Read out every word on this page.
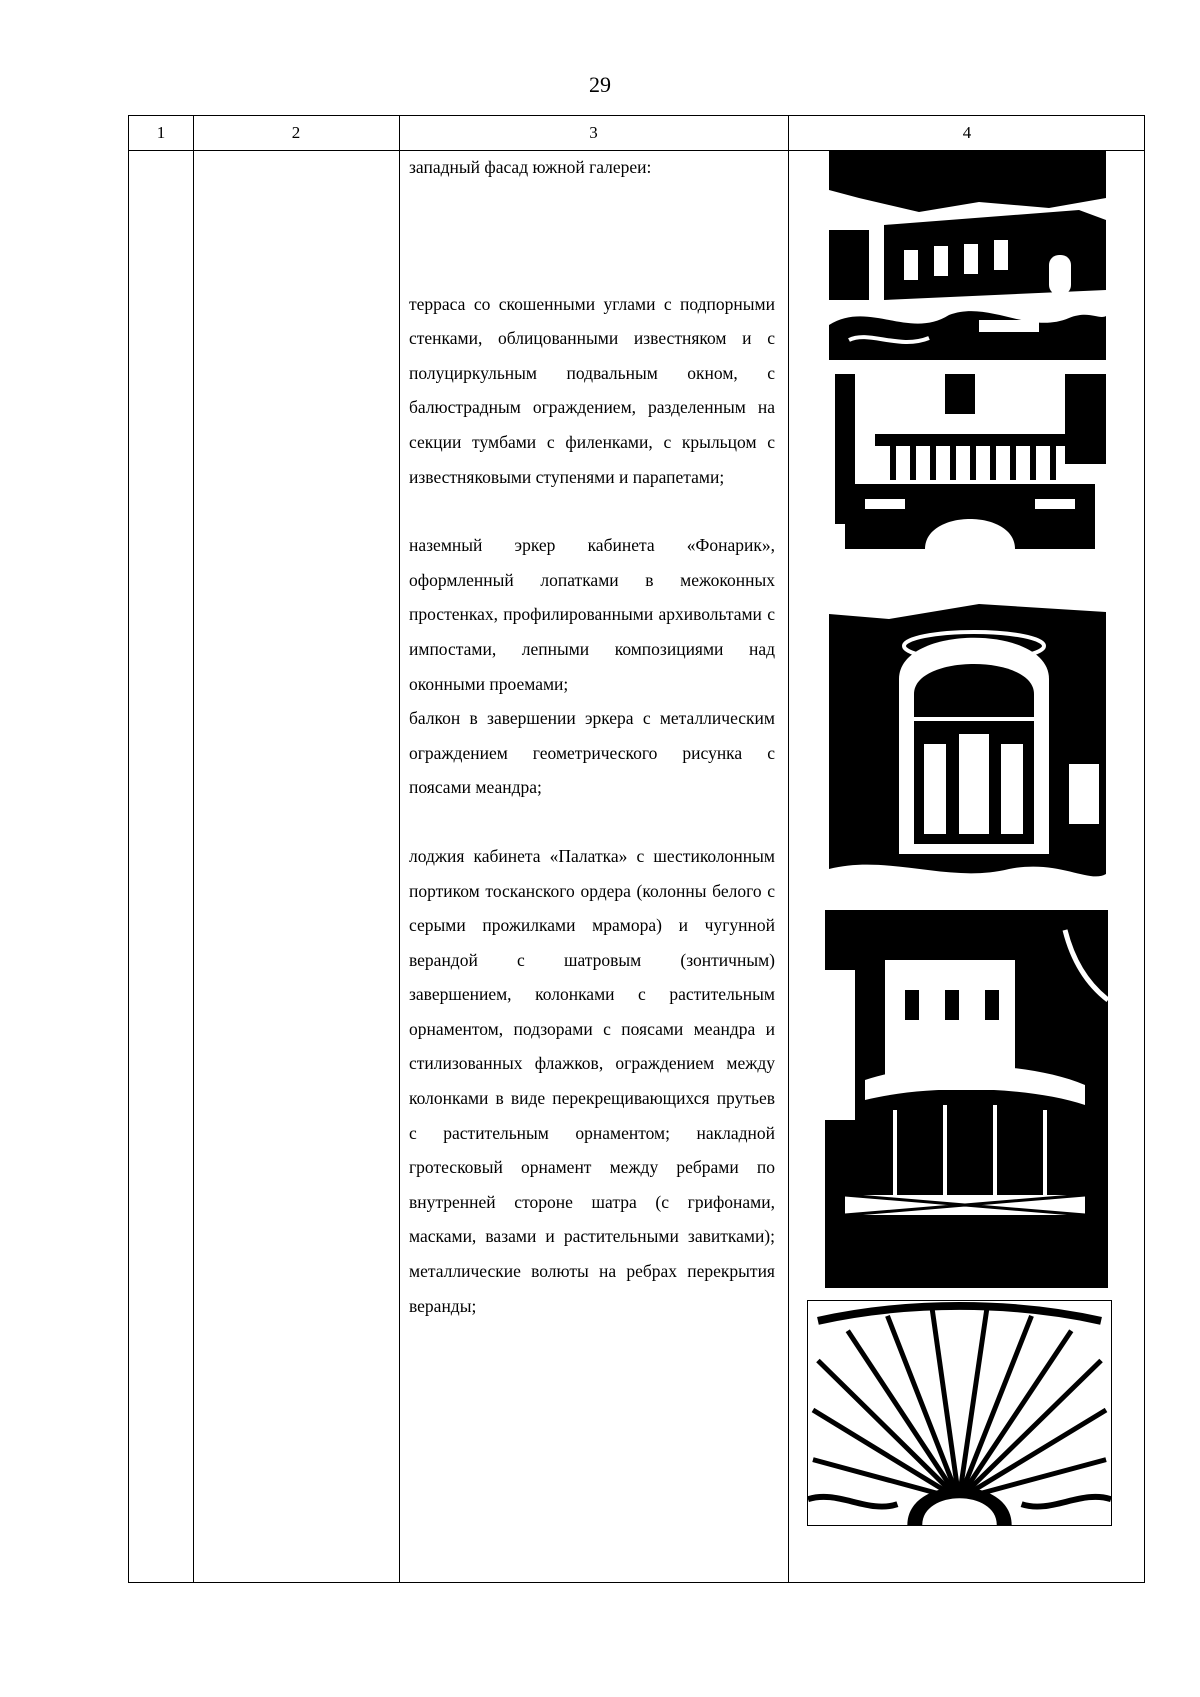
29
1	2	3	4

западный фасад южной галереи:

терраса со скошенными углами с подпорными стенками, облицованными известняком и с полуциркульным подвальным окном, с балюстрадным ограждением, разделенным на секции тумбами с филенками, с крыльцом с известняковыми ступенями и парапетами;

наземный эркер кабинета «Фонарик», оформленный лопатками в межоконных простенках, профилированными архивольтами с импостами, лепными композициями над оконными проемами;

балкон в завершении эркера с металлическим ограждением геометрического рисунка с поясами меандра;

лоджия кабинета «Палатка» с шестиколонным портиком тосканского ордера (колонны белого с серыми прожилками мрамора) и чугунной верандой с шатровым (зонтичным) завершением, колонками с растительным орнаментом, подзорами с поясами меандра и стилизованных флажков, ограждением между колонками в виде перекрещивающихся прутьев с растительным орнаментом; накладной гротесковый орнамент между ребрами по внутренней стороне шатра (с грифонами, масками, вазами и растительными завитками); металлические волюты на ребрах перекрытия веранды;
